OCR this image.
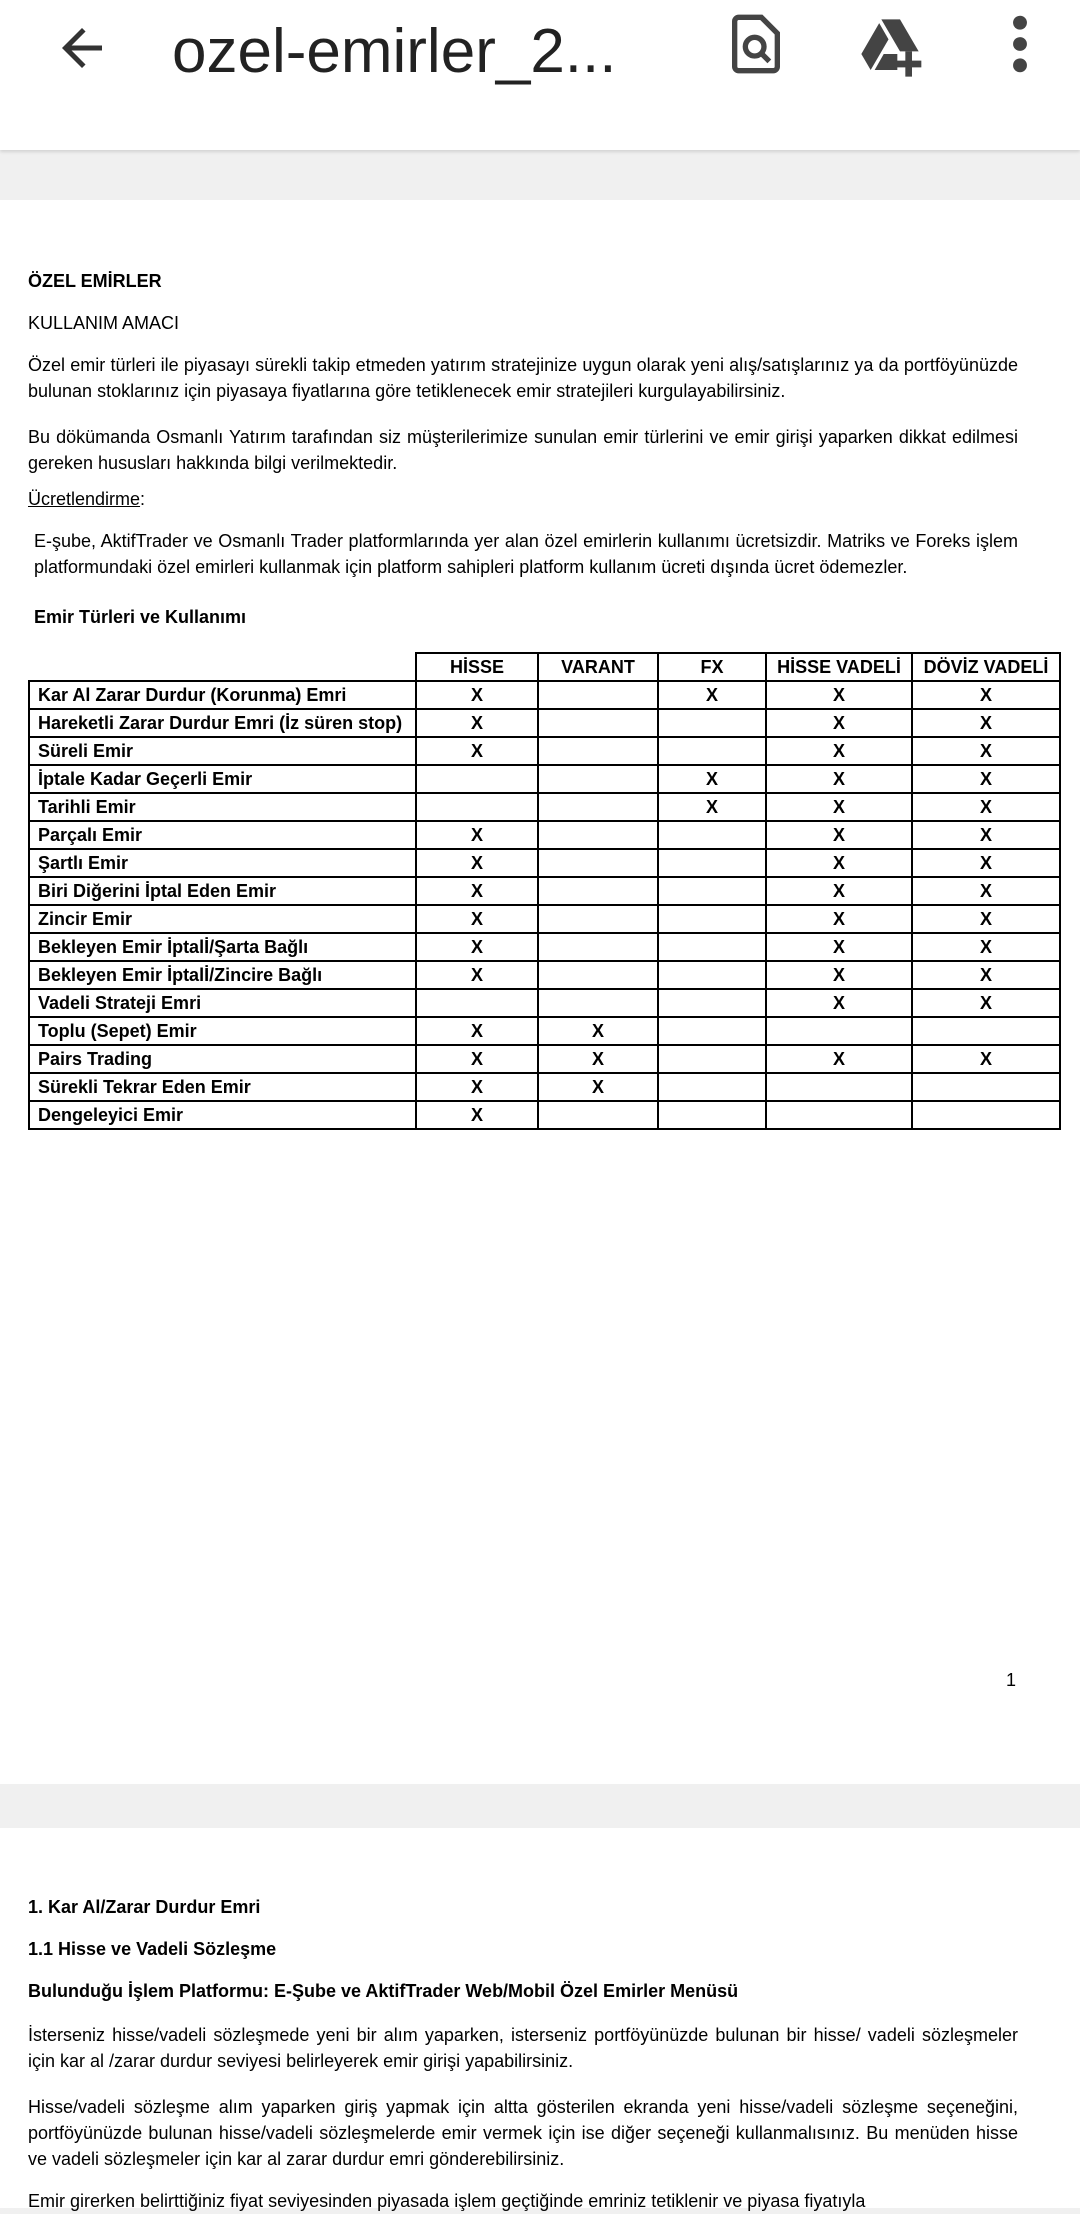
ozel-emirler_2...
ÖZEL EMİRLER
KULLANIM AMACI
Özel emir türleri ile piyasayı sürekli takip etmeden yatırım stratejinize uygun olarak yeni alış/satışlarınız ya da portföyünüzde bulunan stoklarınız için piyasaya fiyatlarına göre tetiklenecek emir stratejileri kurgulayabilirsiniz.
Bu dökümanda Osmanlı Yatırım tarafından siz müşterilerimize sunulan emir türlerini ve emir girişi yaparken dikkat edilmesi gereken hususları hakkında bilgi verilmektedir.
Ücretlendirme:
E-şube, AktifTrader ve Osmanlı Trader platformlarında yer alan özel emirlerin kullanımı ücretsizdir. Matriks ve Foreks işlem platformundaki özel emirleri kullanmak için platform sahipleri platform kullanım ücreti dışında ücret ödemezler.
Emir Türleri ve Kullanımı
	HİSSE	VARANT	FX	HİSSE VADELİ	DÖVİZ VADELİ
Kar Al Zarar Durdur (Korunma) Emri	X		X	X	X
Hareketli Zarar Durdur Emri (İz süren stop)	X			X	X
Süreli Emir	X			X	X
İptale Kadar Geçerli Emir			X	X	X
Tarihli Emir			X	X	X
Parçalı Emir	X			X	X
Şartlı Emir	X			X	X
Biri Diğerini İptal Eden Emir	X			X	X
Zincir Emir	X			X	X
Bekleyen Emir İptalİ/Şarta Bağlı	X			X	X
Bekleyen Emir İptalİ/Zincire Bağlı	X			X	X
Vadeli Strateji Emri				X	X
Toplu (Sepet) Emir	X	X			
Pairs Trading	X	X		X	X
Sürekli Tekrar Eden Emir	X	X			
Dengeleyici Emir	X				
1
1. Kar Al/Zarar Durdur Emri
1.1 Hisse ve Vadeli Sözleşme
Bulunduğu İşlem Platformu: E-Şube ve AktifTrader Web/Mobil Özel Emirler Menüsü
İsterseniz hisse/vadeli sözleşmede yeni bir alım yaparken, isterseniz portföyünüzde bulunan bir hisse/ vadeli sözleşmeler için kar al /zarar durdur seviyesi belirleyerek emir girişi yapabilirsiniz.
Hisse/vadeli sözleşme alım yaparken giriş yapmak için altta gösterilen ekranda yeni hisse/vadeli sözleşme seçeneğini, portföyünüzde bulunan hisse/vadeli sözleşmelerde emir vermek için ise diğer seçeneği kullanmalısınız. Bu menüden hisse ve vadeli sözleşmeler için kar al zarar durdur emri gönderebilirsiniz.
Emir girerken belirttiğiniz fiyat seviyesinden piyasada işlem geçtiğinde emriniz tetiklenir ve piyasa fiyatıyla
